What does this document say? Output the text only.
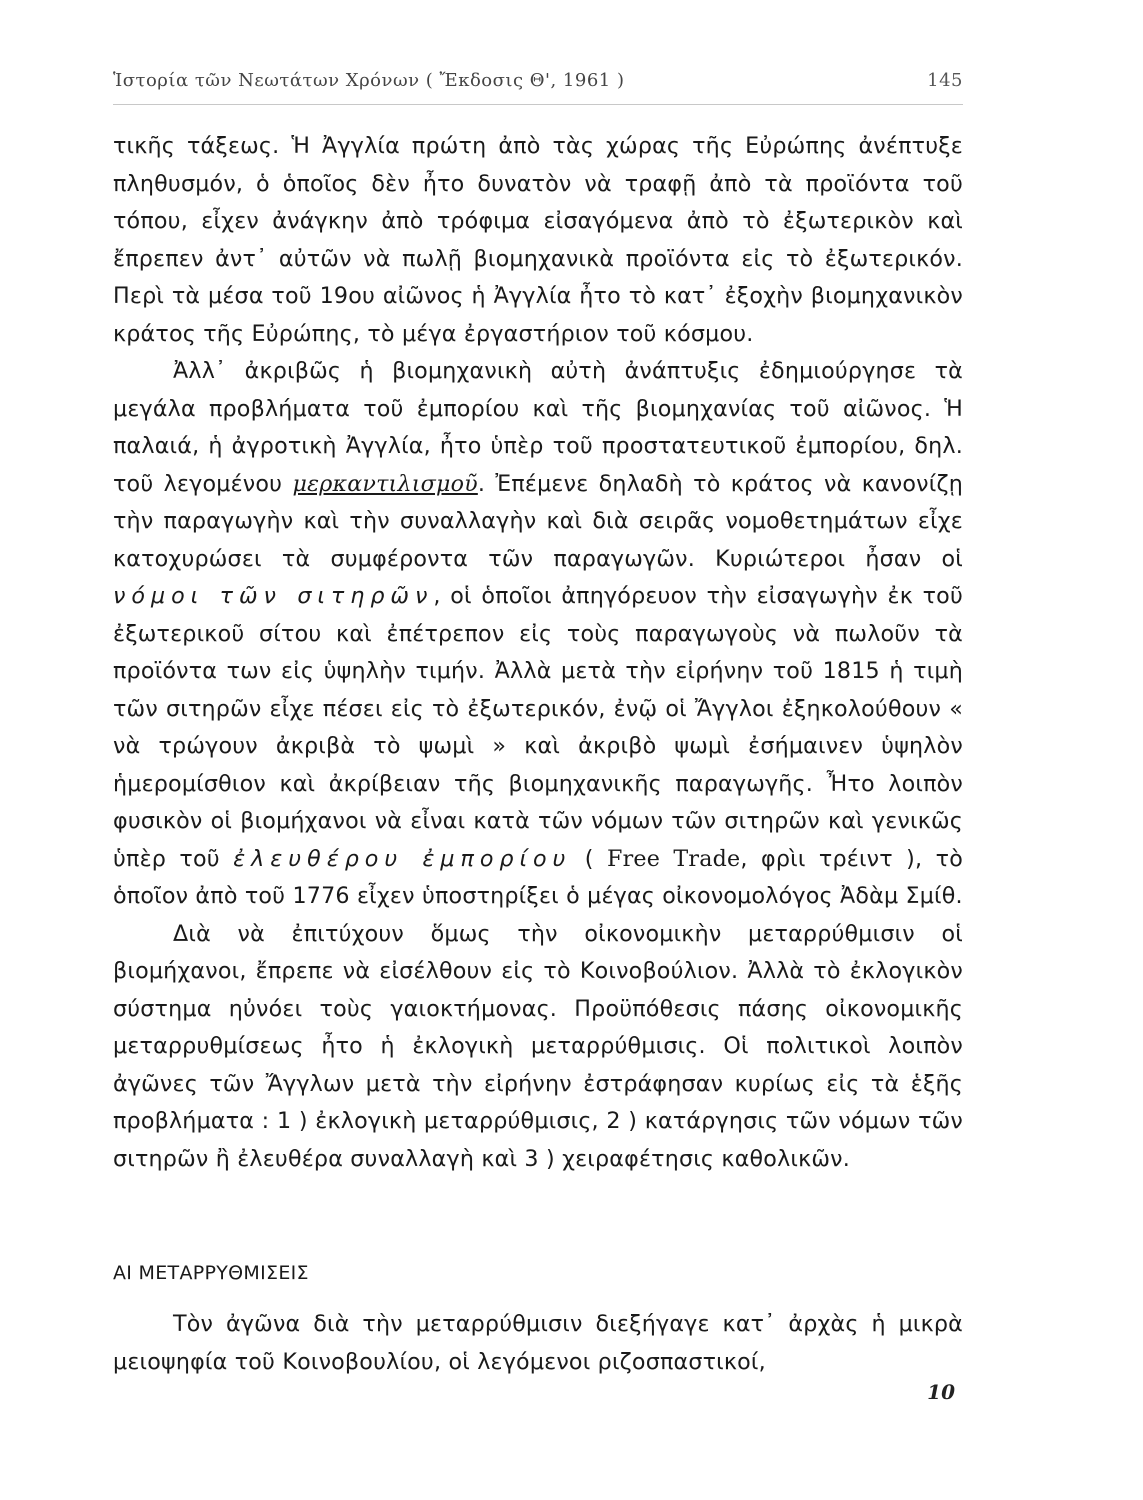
Ἱστορία τῶν Νεωτάτων Χρόνων ( Ἔκδοσις Θ', 1961 )	145

τικῆς τάξεως. Ἡ Ἀγγλία πρώτη ἀπὸ τὰς χώρας τῆς Εὐρώπης ἀνέπτυξε πληθυσμόν, ὁ ὁποῖος δὲν ἦτο δυνατὸν νὰ τραφῇ ἀπὸ τὰ προϊόντα τοῦ τόπου, εἶχεν ἀνάγκην ἀπὸ τρόφιμα εἰσαγόμενα ἀπὸ τὸ ἐξωτερικὸν καὶ ἔπρεπεν ἀντ᾽ αὐτῶν νὰ πωλῇ βιομηχανικὰ προϊόντα εἰς τὸ ἐξωτερικόν. Περὶ τὰ μέσα τοῦ 19ου αἰῶνος ἡ Ἀγγλία ἦτο τὸ κατ᾽ ἐξοχὴν βιομηχανικὸν κράτος τῆς Εὐρώπης, τὸ μέγα ἐργαστήριον τοῦ κόσμου.

Ἀλλ᾽ ἀκριβῶς ἡ βιομηχανικὴ αὐτὴ ἀνάπτυξις ἐδημιούργησε τὰ μεγάλα προβλήματα τοῦ ἐμπορίου καὶ τῆς βιομηχανίας τοῦ αἰῶνος. Ἡ παλαιά, ἡ ἀγροτικὴ Ἀγγλία, ἦτο ὑπὲρ τοῦ προστατευτικοῦ ἐμπορίου, δηλ. τοῦ λεγομένου μερκαντιλισμοῦ. Ἐπέμενε δηλαδὴ τὸ κράτος νὰ κανονίζῃ τὴν παραγωγὴν καὶ τὴν συναλλαγὴν καὶ διὰ σειρᾶς νομοθετημάτων εἶχε κατοχυρώσει τὰ συμφέροντα τῶν παραγωγῶν. Κυριώτεροι ἦσαν οἱ νόμοι τῶν σιτηρῶν, οἱ ὁποῖοι ἀπηγόρευον τὴν εἰσαγωγὴν ἐκ τοῦ ἐξωτερικοῦ σίτου καὶ ἐπέτρεπον εἰς τοὺς παραγωγοὺς νὰ πωλοῦν τὰ προϊόντα των εἰς ὑψηλὴν τιμήν. Ἀλλὰ μετὰ τὴν εἰρήνην τοῦ 1815 ἡ τιμὴ τῶν σιτηρῶν εἶχε πέσει εἰς τὸ ἐξωτερικόν, ἐνῷ οἱ Ἄγγλοι ἐξηκολούθουν « νὰ τρώγουν ἀκριβὰ τὸ ψωμὶ » καὶ ἀκριβὸ ψωμὶ ἐσήμαινεν ὑψηλὸν ἡμερομίσθιον καὶ ἀκρίβειαν τῆς βιομηχανικῆς παραγωγῆς. Ἦτο λοιπὸν φυσικὸν οἱ βιομήχανοι νὰ εἶναι κατὰ τῶν νόμων τῶν σιτηρῶν καὶ γενικῶς ὑπὲρ τοῦ ἐλευθέρου ἐμπορίου ( Free Trade, φρὶι τρέιντ ), τὸ ὁποῖον ἀπὸ τοῦ 1776 εἶχεν ὑποστηρίξει ὁ μέγας οἰκονομολόγος Ἀδὰμ Σμίθ.

Διὰ νὰ ἐπιτύχουν ὅμως τὴν οἰκονομικὴν μεταρρύθμισιν οἱ βιομήχανοι, ἔπρεπε νὰ εἰσέλθουν εἰς τὸ Κοινοβούλιον. Ἀλλὰ τὸ ἐκλογικὸν σύστημα ηὐνόει τοὺς γαιοκτήμονας. Προϋπόθεσις πάσης οἰκονομικῆς μεταρρυθμίσεως ἦτο ἡ ἐκλογικὴ μεταρρύθμισις. Οἱ πολιτικοὶ λοιπὸν ἀγῶνες τῶν Ἄγγλων μετὰ τὴν εἰρήνην ἐστράφησαν κυρίως εἰς τὰ ἑξῆς προβλήματα : 1 ) ἐκλογικὴ μεταρρύθμισις, 2 ) κατάργησις τῶν νόμων τῶν σιτηρῶν ἢ ἐλευθέρα συναλλαγὴ καὶ 3 ) χειραφέτησις καθολικῶν.

ΑΙ ΜΕΤΑΡΡΥΘΜΙΣΕΙΣ

Τὸν ἀγῶνα διὰ τὴν μεταρρύθμισιν διεξήγαγε κατ᾽ ἀρχὰς ἡ μικρὰ μειοψηφία τοῦ Κοινοβουλίου, οἱ λεγόμενοι ριζοσπαστικοί,

10
